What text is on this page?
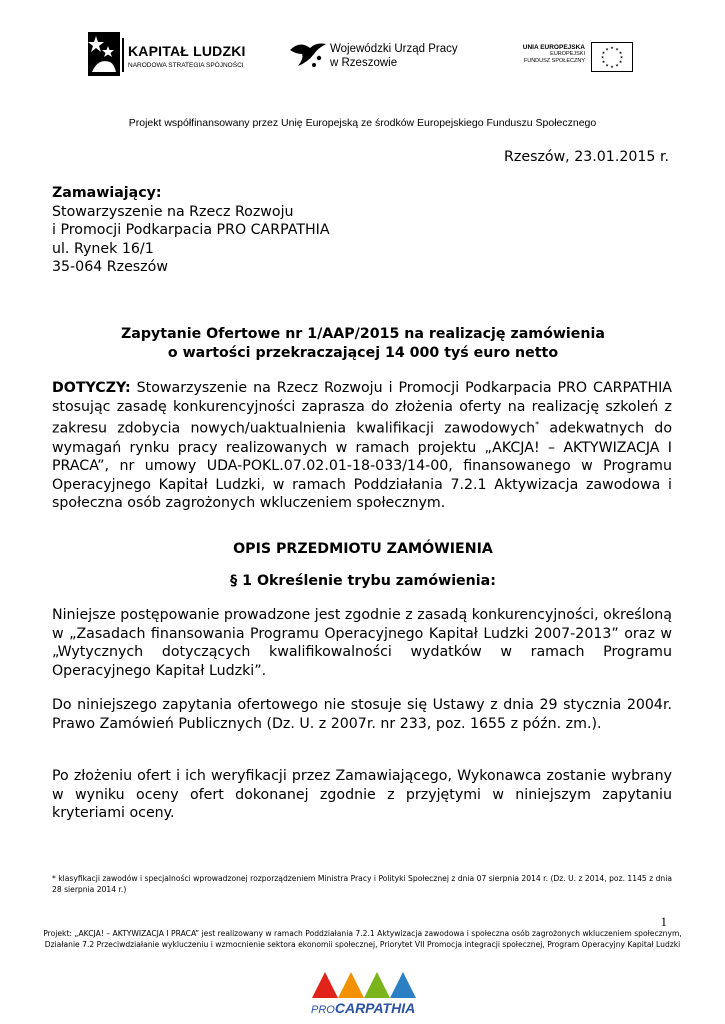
KAPITAŁ LUDZKI
NARODOWA STRATEGIA SPÓJNOŚCI
Wojewódzki Urząd Pracy
w Rzeszowie
UNIA EUROPEJSKA
EUROPEJSKI
FUNDUSZ SPOŁECZNY
★ ★
★
★
★
★
★
★
★
★
★
★
Projekt współfinansowany przez Unię Europejską ze środków Europejskiego Funduszu Społecznego
Rzeszów, 23.01.2015 r.
Zamawiający:
Stowarzyszenie na Rzecz Rozwoju
i Promocji Podkarpacia PRO CARPATHIA
ul. Rynek 16/1
35-064 Rzeszów
Zapytanie Ofertowe nr 1/AAP/2015 na realizację zamówienia
o wartości przekraczającej 14 000 tyś euro netto
DOTYCZY: Stowarzyszenie na Rzecz Rozwoju i Promocji Podkarpacia PRO CARPATHIA stosując zasadę konkurencyjności zaprasza do złożenia oferty na realizację szkoleń z zakresu zdobycia nowych/uaktualnienia kwalifikacji zawodowych* adekwatnych do wymagań rynku pracy realizowanych w ramach projektu „AKCJA! – AKTYWIZACJA I PRACA”, nr umowy UDA-POKL.07.02.01-18-033/14-00, finansowanego w Programu Operacyjnego Kapitał Ludzki, w ramach Poddziałania 7.2.1 Aktywizacja zawodowa i społeczna osób zagrożonych wkluczeniem społecznym.
OPIS PRZEDMIOTU ZAMÓWIENIA
§ 1 Określenie trybu zamówienia:
Niniejsze postępowanie prowadzone jest zgodnie z zasadą konkurencyjności, określoną w „Zasadach finansowania Programu Operacyjnego Kapitał Ludzki 2007-2013” oraz w „Wytycznych dotyczących kwalifikowalności wydatków w ramach Programu Operacyjnego Kapitał Ludzki”.
Do niniejszego zapytania ofertowego nie stosuje się Ustawy z dnia 29 stycznia 2004r. Prawo Zamówień Publicznych (Dz. U. z 2007r. nr 233, poz. 1655 z późn. zm.).
Po złożeniu ofert i ich weryfikacji przez Zamawiającego, Wykonawca zostanie wybrany w wyniku oceny ofert dokonanej zgodnie z przyjętymi w niniejszym zapytaniu kryteriami oceny.
* klasyfikacji zawodów i specjalności wprowadzonej rozporządzeniem Ministra Pracy i Polityki Społecznej z dnia 07 sierpnia 2014 r. (Dz. U. z 2014, poz. 1145 z dnia 28 sierpnia 2014 r.)
1
Projekt: „AKCJA! – AKTYWIZACJA I PRACA” jest realizowany w ramach Poddziałania 7.2.1 Aktywizacja zawodowa i społeczna osób zagrożonych wkluczeniem społecznym, Działanie 7.2 Przeciwdziałanie wykluczeniu i wzmocnienie sektora ekonomii społecznej, Priorytet VII Promocja integracji społecznej, Program Operacyjny Kapitał Ludzki
PROCARPATHIA
